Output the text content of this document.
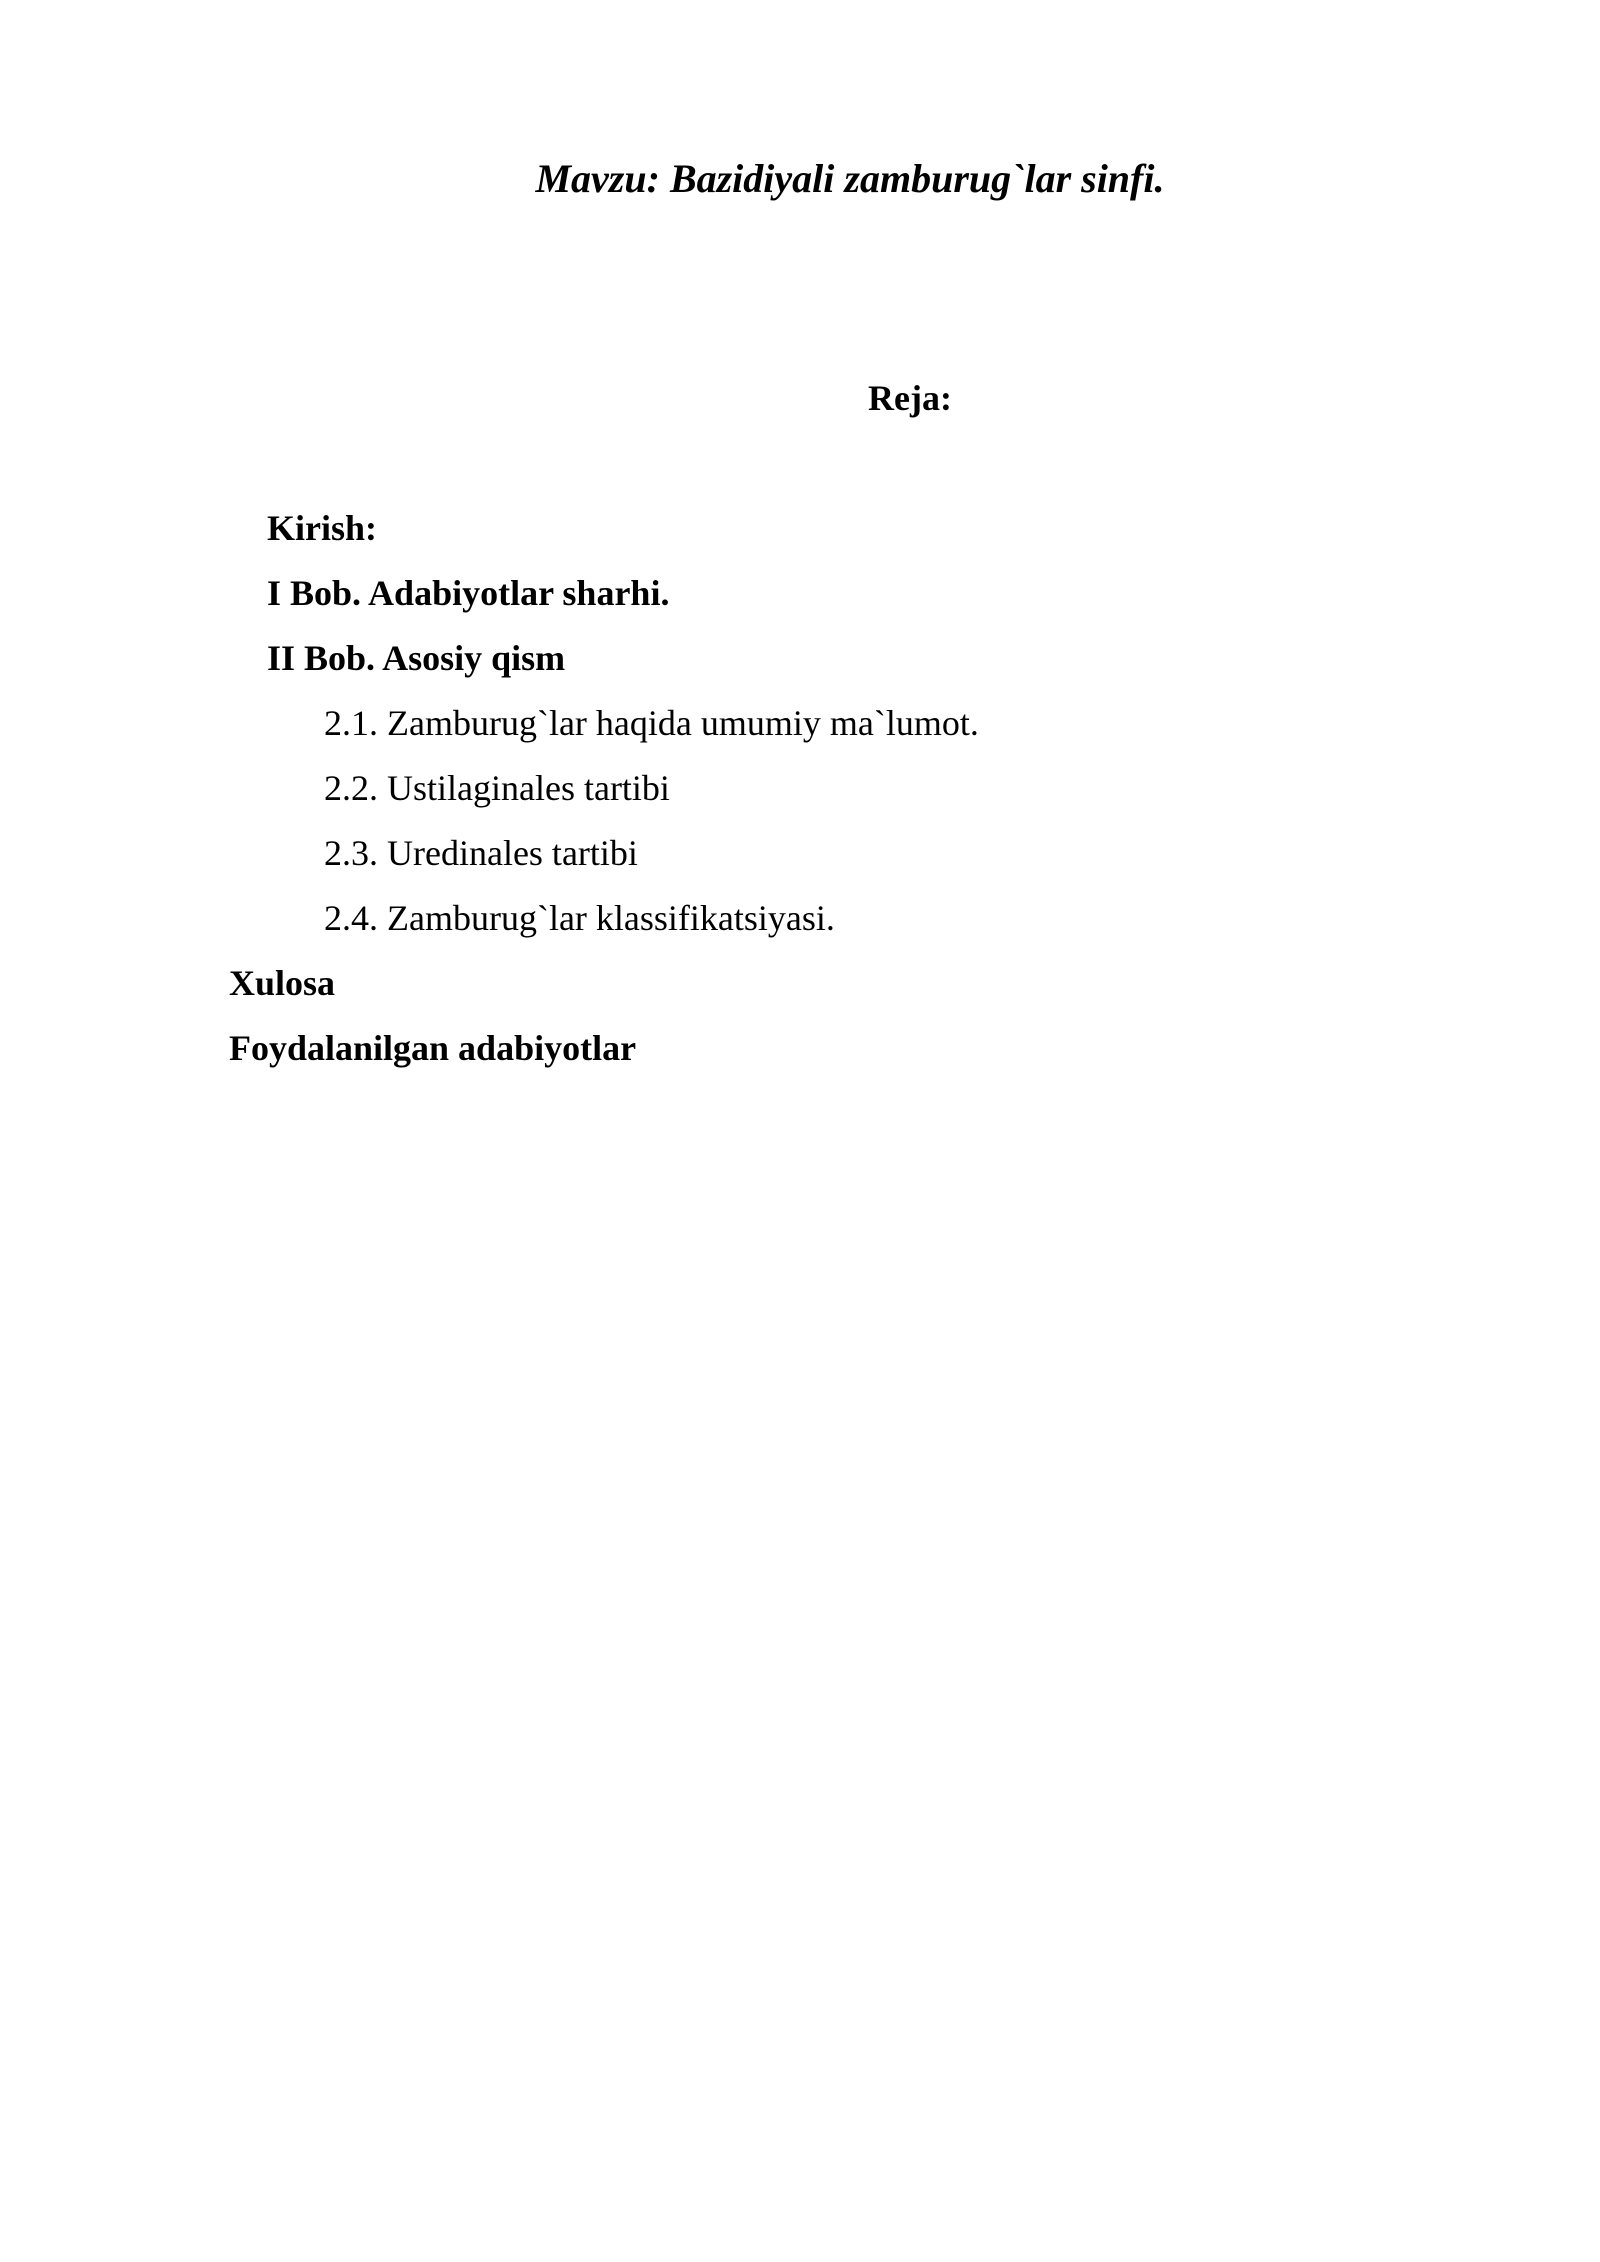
Mavzu: Bazidiyali zamburug`lar sinfi.
Reja:
Kirish:
I Bob. Adabiyotlar sharhi.
II Bob. Asosiy qism
2.1. Zamburug`lar haqida umumiy ma`lumot.
2.2. Ustilaginales tartibi
2.3. Uredinales tartibi
2.4. Zamburug`lar klassifikatsiyasi.
Xulosa
Foydalanilgan adabiyotlar
